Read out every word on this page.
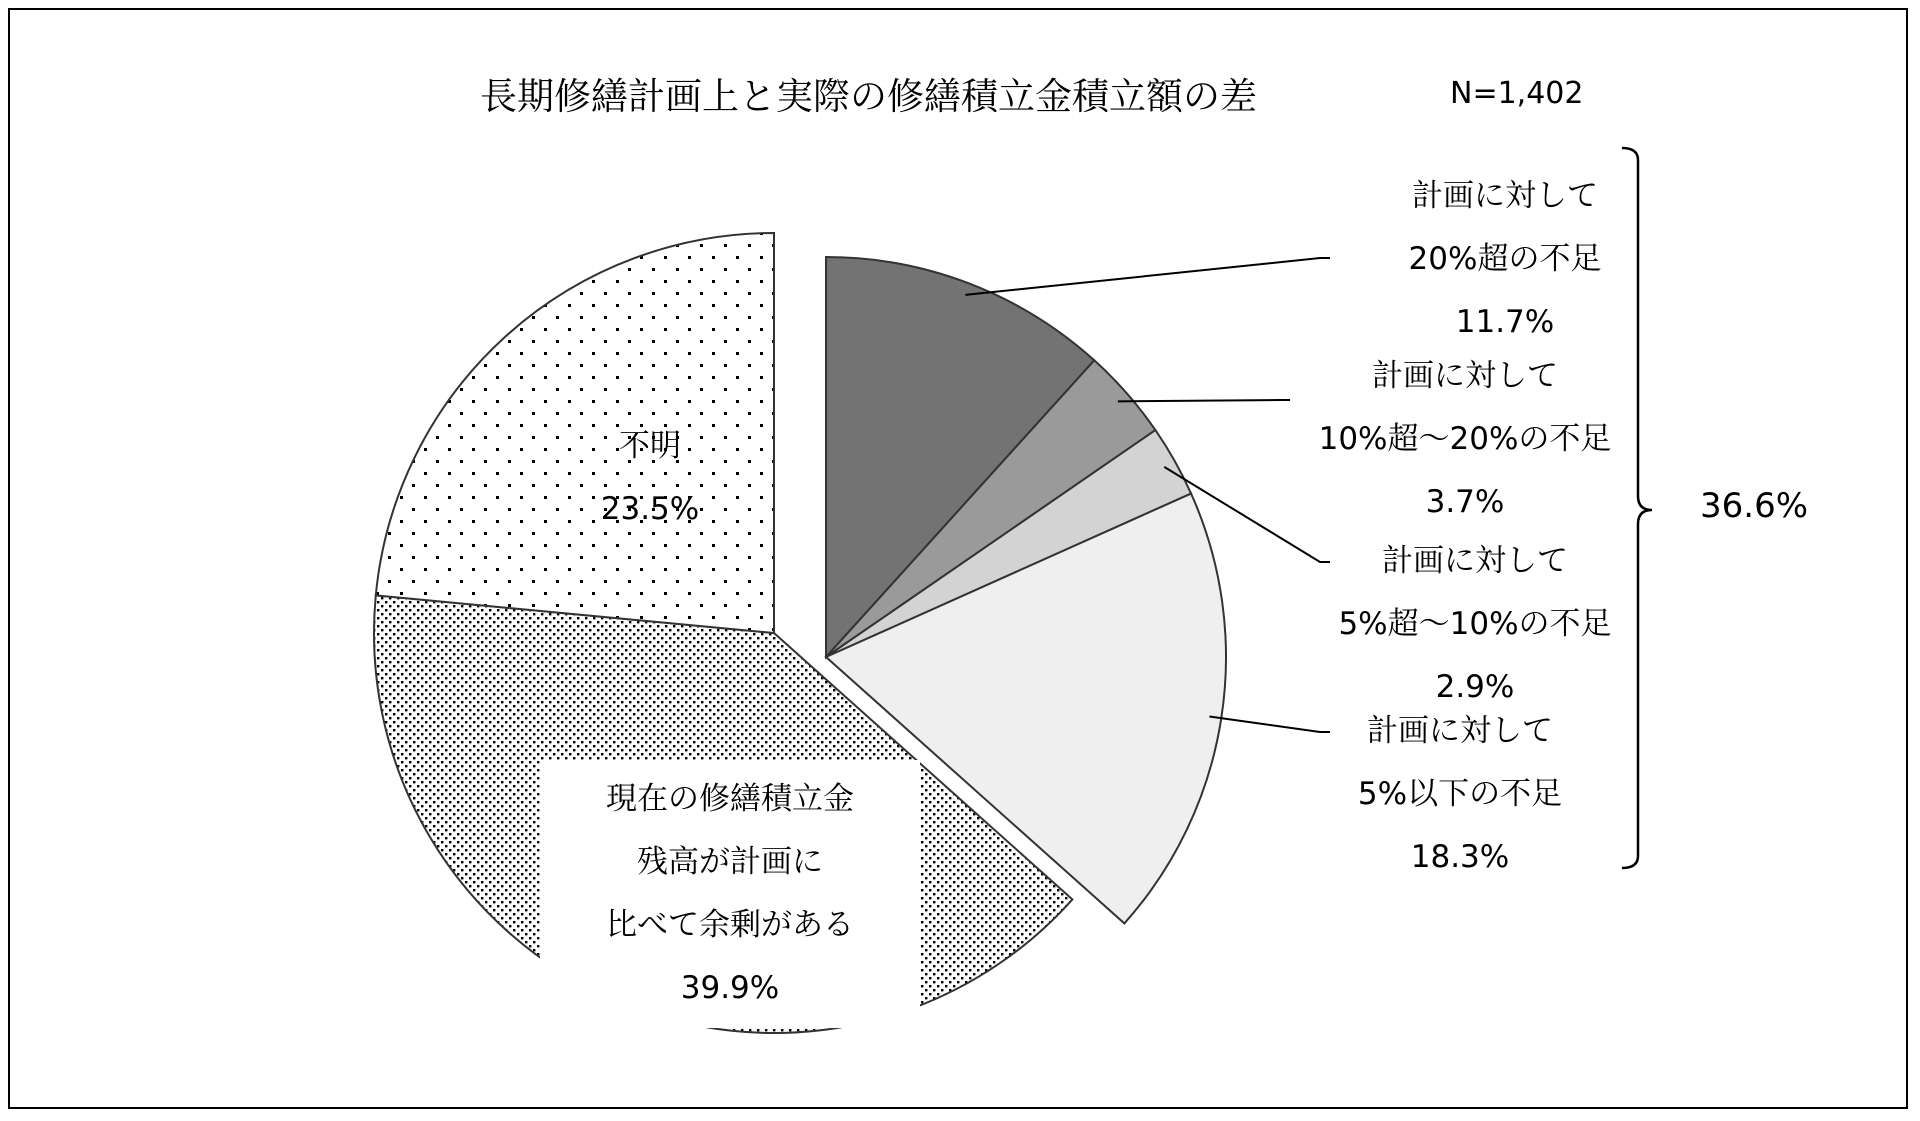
長期修繕計画上と実際の修繕積立金積立額の差	N=1,402
36.6%
計画に対して
20%超の不足
11.7%
計画に対して
10%超～20%の不足
3.7%
計画に対して
5%超～10%の不足
2.9%
計画に対して
5%以下の不足
18.3%
現在の修繕積立金
残高が計画に
比べて余剰がある
39.9%
不明
23.5%
